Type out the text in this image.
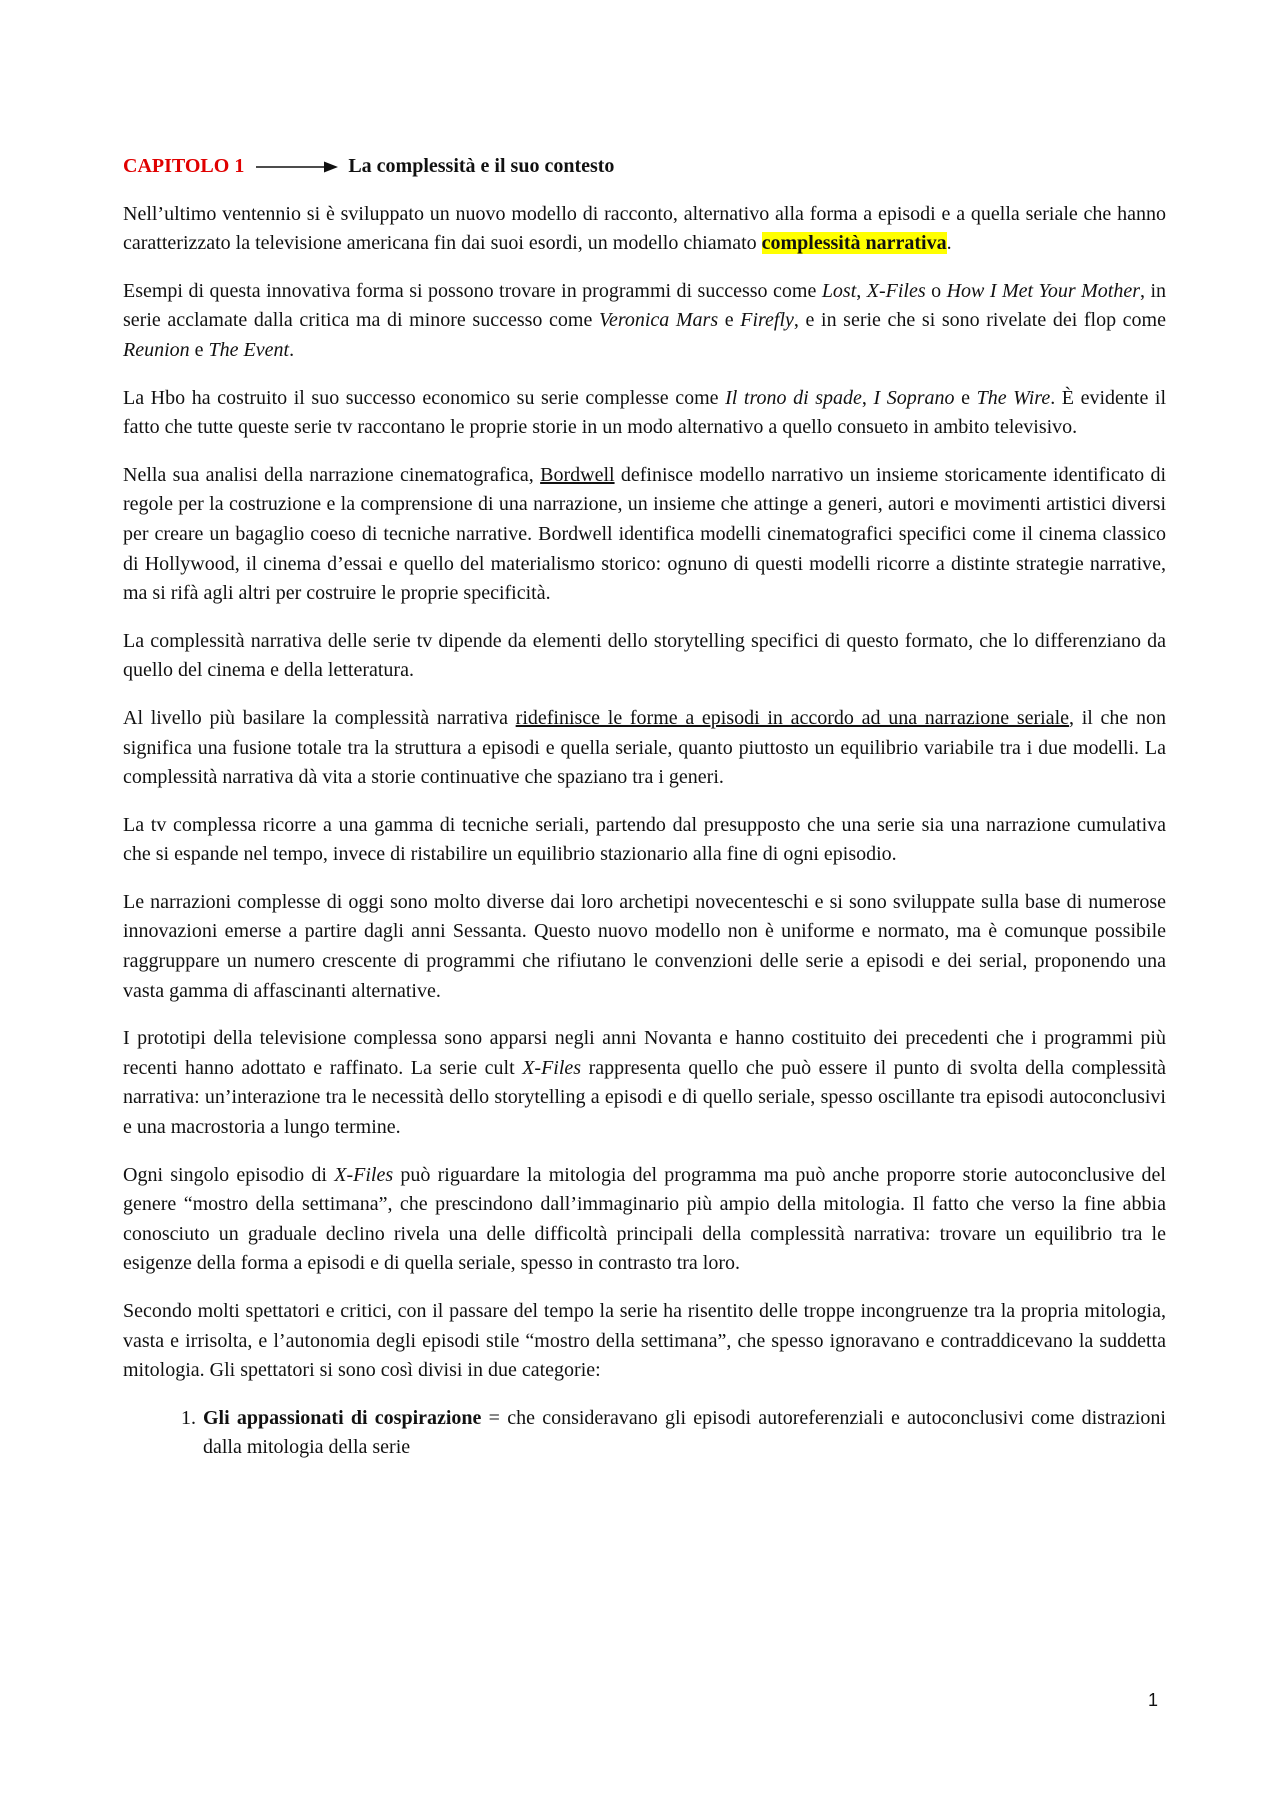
CAPITOLO 1	La complessità e il suo contesto

Nell’ultimo ventennio si è sviluppato un nuovo modello di racconto, alternativo alla forma a episodi e a quella seriale che hanno caratterizzato la televisione americana fin dai suoi esordi, un modello chiamato complessità narrativa.

Esempi di questa innovativa forma si possono trovare in programmi di successo come Lost, X-Files o How I Met Your Mother, in serie acclamate dalla critica ma di minore successo come Veronica Mars e Firefly, e in serie che si sono rivelate dei flop come Reunion e The Event.

La Hbo ha costruito il suo successo economico su serie complesse come Il trono di spade, I Soprano e The Wire. È evidente il fatto che tutte queste serie tv raccontano le proprie storie in un modo alternativo a quello consueto in ambito televisivo.

Nella sua analisi della narrazione cinematografica, Bordwell definisce modello narrativo un insieme storicamente identificato di regole per la costruzione e la comprensione di una narrazione, un insieme che attinge a generi, autori e movimenti artistici diversi per creare un bagaglio coeso di tecniche narrative. Bordwell identifica modelli cinematografici specifici come il cinema classico di Hollywood, il cinema d’essai e quello del materialismo storico: ognuno di questi modelli ricorre a distinte strategie narrative, ma si rifà agli altri per costruire le proprie specificità.

La complessità narrativa delle serie tv dipende da elementi dello storytelling specifici di questo formato, che lo differenziano da quello del cinema e della letteratura.

Al livello più basilare la complessità narrativa ridefinisce le forme a episodi in accordo ad una narrazione seriale, il che non significa una fusione totale tra la struttura a episodi e quella seriale, quanto piuttosto un equilibrio variabile tra i due modelli. La complessità narrativa dà vita a storie continuative che spaziano tra i generi.

La tv complessa ricorre a una gamma di tecniche seriali, partendo dal presupposto che una serie sia una narrazione cumulativa che si espande nel tempo, invece di ristabilire un equilibrio stazionario alla fine di ogni episodio.

Le narrazioni complesse di oggi sono molto diverse dai loro archetipi novecenteschi e si sono sviluppate sulla base di numerose innovazioni emerse a partire dagli anni Sessanta. Questo nuovo modello non è uniforme e normato, ma è comunque possibile raggruppare un numero crescente di programmi che rifiutano le convenzioni delle serie a episodi e dei serial, proponendo una vasta gamma di affascinanti alternative.

I prototipi della televisione complessa sono apparsi negli anni Novanta e hanno costituito dei precedenti che i programmi più recenti hanno adottato e raffinato. La serie cult X-Files rappresenta quello che può essere il punto di svolta della complessità narrativa: un’interazione tra le necessità dello storytelling a episodi e di quello seriale, spesso oscillante tra episodi autoconclusivi e una macrostoria a lungo termine.

Ogni singolo episodio di X-Files può riguardare la mitologia del programma ma può anche proporre storie autoconclusive del genere “mostro della settimana”, che prescindono dall’immaginario più ampio della mitologia. Il fatto che verso la fine abbia conosciuto un graduale declino rivela una delle difficoltà principali della complessità narrativa: trovare un equilibrio tra le esigenze della forma a episodi e di quella seriale, spesso in contrasto tra loro.

Secondo molti spettatori e critici, con il passare del tempo la serie ha risentito delle troppe incongruenze tra la propria mitologia, vasta e irrisolta, e l’autonomia degli episodi stile “mostro della settimana”, che spesso ignoravano e contraddicevano la suddetta mitologia. Gli spettatori si sono così divisi in due categorie:

1. Gli appassionati di cospirazione = che consideravano gli episodi autoreferenziali e autoconclusivi come distrazioni dalla mitologia della serie
1
